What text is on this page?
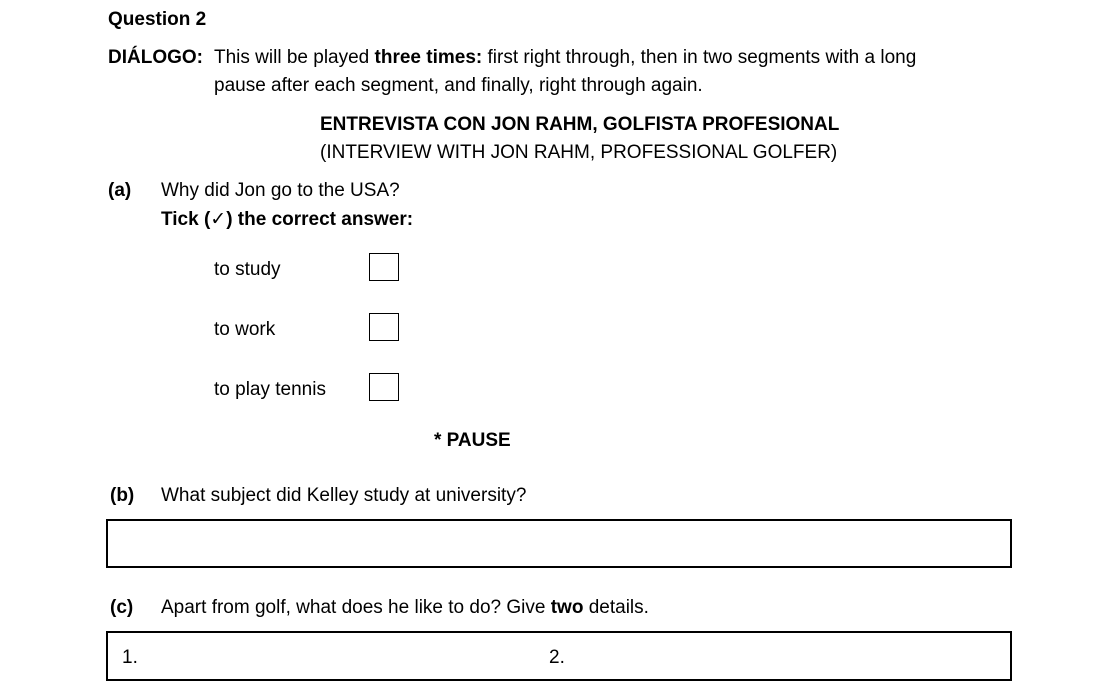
Question 2
DIÁLOGO: This will be played three times: first right through, then in two segments with a long
pause after each segment, and finally, right through again.
ENTREVISTA CON JON RAHM, GOLFISTA PROFESIONAL
(INTERVIEW WITH JON RAHM, PROFESSIONAL GOLFER)
(a) Why did Jon go to the USA?
Tick (✓) the correct answer:
to study
to work
to play tennis
* PAUSE
(b) What subject did Kelley study at university?
(c) Apart from golf, what does he like to do? Give two details.
1.	2.
